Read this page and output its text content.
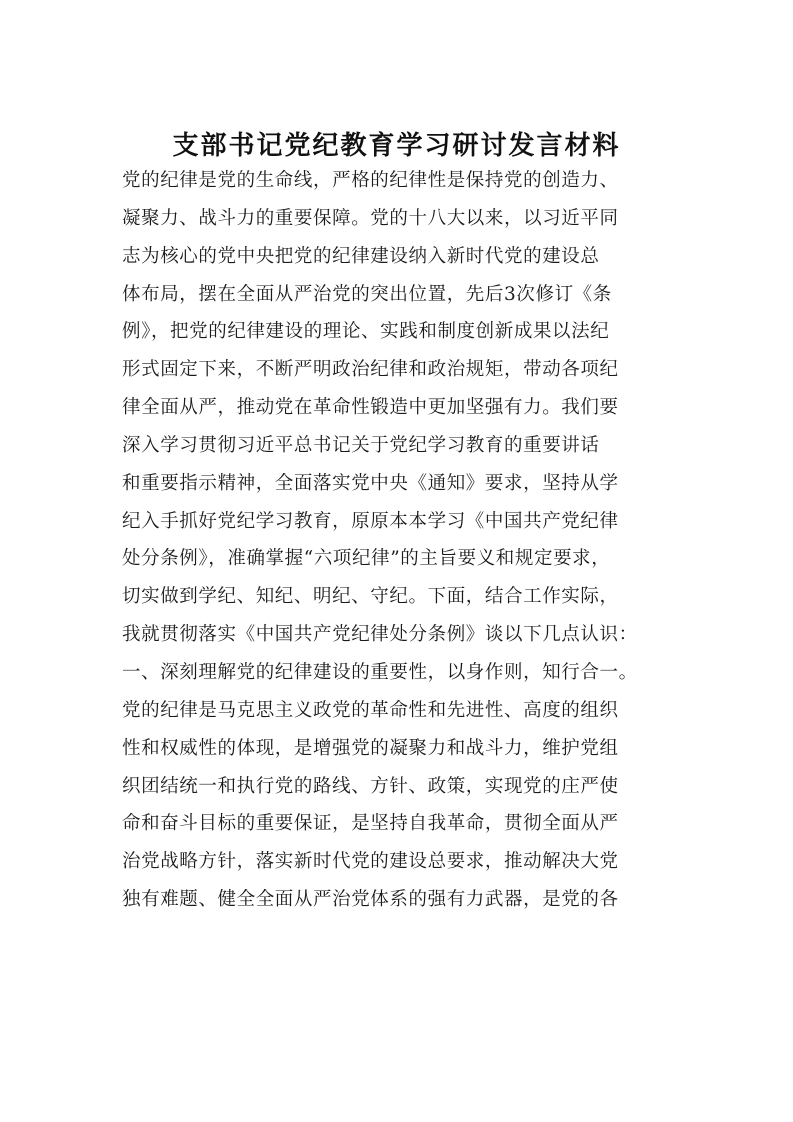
支部书记党纪教育学习研讨发言材料
党的纪律是党的生命线，严格的纪律性是保持党的创造力、
凝聚力、战斗力的重要保障。党的十八大以来，以习近平同
志为核心的党中央把党的纪律建设纳入新时代党的建设总
体布局，摆在全面从严治党的突出位置，先后3次修订《条
例》，把党的纪律建设的理论、实践和制度创新成果以法纪
形式固定下来，不断严明政治纪律和政治规矩，带动各项纪
律全面从严，推动党在革命性锻造中更加坚强有力。我们要
深入学习贯彻习近平总书记关于党纪学习教育的重要讲话
和重要指示精神，全面落实党中央《通知》要求，坚持从学
纪入手抓好党纪学习教育，原原本本学习《中国共产党纪律
处分条例》，准确掌握“六项纪律”的主旨要义和规定要求，
切实做到学纪、知纪、明纪、守纪。下面，结合工作实际，
我就贯彻落实《中国共产党纪律处分条例》谈以下几点认识：
一、深刻理解党的纪律建设的重要性，以身作则，知行合一。
党的纪律是马克思主义政党的革命性和先进性、高度的组织
性和权威性的体现，是增强党的凝聚力和战斗力，维护党组
织团结统一和执行党的路线、方针、政策，实现党的庄严使
命和奋斗目标的重要保证，是坚持自我革命，贯彻全面从严
治党战略方针，落实新时代党的建设总要求，推动解决大党
独有难题、健全全面从严治党体系的强有力武器，是党的各
